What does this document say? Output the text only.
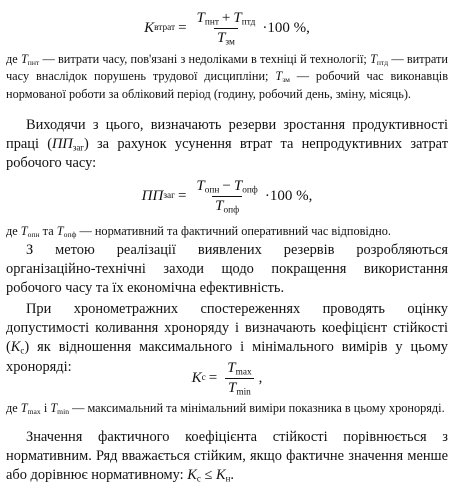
K втрат = $\frac{T_{пнт} + T_{птд}}{T_{зм}} \cdot 100$ %,
де $T_{пнт}$ — витрати часу, пов'язані з недоліками в техніці й технології; $T_{птд}$ — витрати часу внаслідок порушень трудової дисципліни; $T_{зм}$ — робочий час виконавців нормованої роботи за обліковий період (годину, робочий день, зміну, місяць).
Виходячи з цього, визначають резерви зростання продуктивності праці $(ПП_{заг})$ за рахунок усунення втрат та непродуктивних затрат робочого часу:
ПП заг = $\frac{T_{опн} - T_{опф}}{T_{опф}} \cdot 100$ %,
де $T_{опн}$ та $T_{опф}$ — нормативний та фактичний оперативний час відповідно.
З метою реалізації виявлених резервів розробляються організаційно-технічні заходи щодо покращення використання робочого часу та їх економічна ефективність.
При хронометражних спостереженнях проводять оцінку допустимості коливання хронорядy і визначають коефіцієнт стійкості $(K_с)$ як відношення максимального і мінімального вимірів у цьому хроноряді:
K $с = \frac{T_{max}}{T_{min}}$ ,
де $T_{max}$ і $T_{min}$ — максимальний та мінімальний виміри показника в цьому хроноряді.
Значення фактичного коефіцієнта стійкості порівнюється з нормативним. Ряд вважається стійким, якщо фактичне значення менше або дорівнює нормативному: $K_с \le K_н$.
